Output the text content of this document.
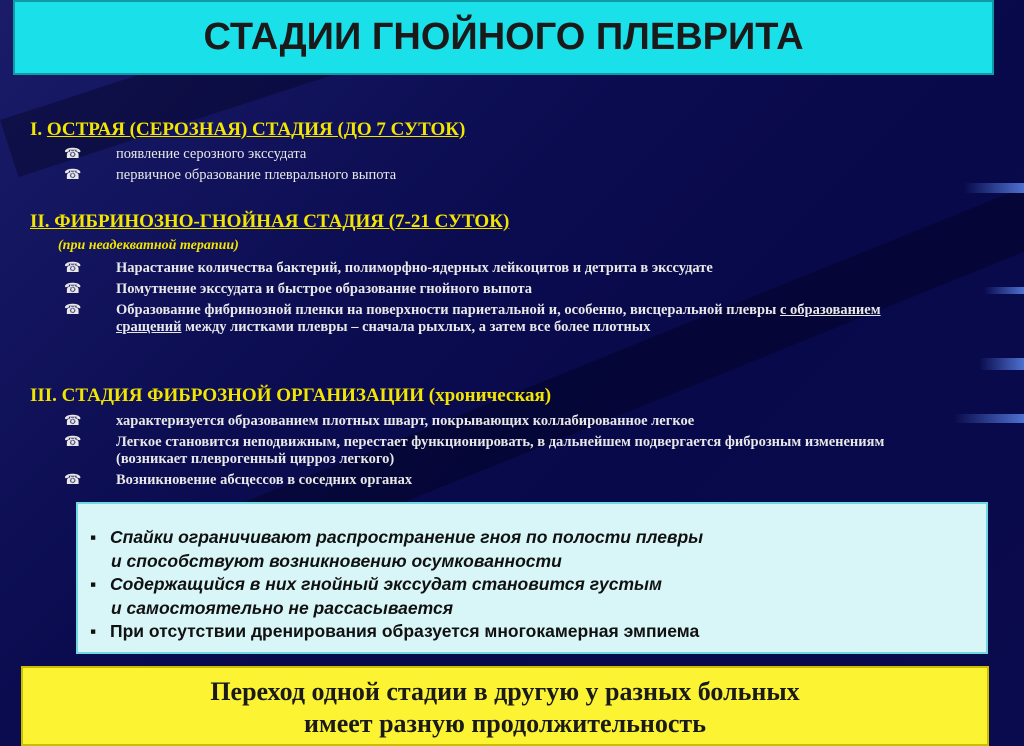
СТАДИИ ГНОЙНОГО ПЛЕВРИТА
I. ОСТРАЯ (СЕРОЗНАЯ) СТАДИЯ (ДО 7 СУТОК)
☎	появление серозного экссудата
☎	первичное образование плеврального выпота
II. ФИБРИНОЗНО-ГНОЙНАЯ СТАДИЯ (7-21 СУТОК)
(при неадекватной терапии)
☎	Нарастание количества бактерий, полиморфно-ядерных лейкоцитов и детрита в экссудате
☎	Помутнение экссудата и быстрое образование гнойного выпота
☎	Образование фибринозной пленки на поверхности париетальной и, особенно, висцеральной плевры с образованием сращений между листками плевры – сначала рыхлых, а затем все более плотных
III. СТАДИЯ ФИБРОЗНОЙ ОРГАНИЗАЦИИ (хроническая)
☎	характеризуется образованием плотных шварт, покрывающих коллабированное легкое
☎	Легкое становится неподвижным, перестает функционировать, в дальнейшем подвергается фиброзным изменениям (возникает плеврогенный цирроз легкого)
☎	Возникновение абсцессов в соседних органах
▪ Спайки ограничивают распространение гноя по полости плевры
и способствуют возникновению осумкованности
▪ Содержащийся в них гнойный экссудат становится густым
и самостоятельно не рассасывается
▪ При отсутствии дренирования образуется многокамерная эмпиема
Переход одной стадии в другую у разных больных
имеет разную продолжительность
